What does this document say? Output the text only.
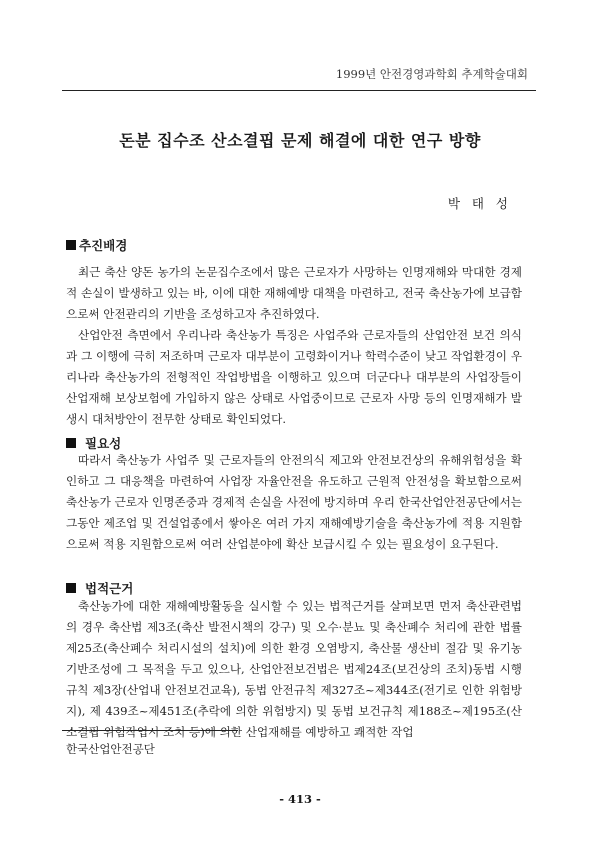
1999년 안전경영과학회 추계학술대회
돈분 집수조 산소결핍 문제 해결에 대한 연구 방향
박 태 성
추진배경

최근 축산 양돈 농가의 논문집수조에서 많은 근로자가 사망하는 인명재해와 막대한 경제적 손실이 발생하고 있는 바, 이에 대한 재해예방 대책을 마련하고, 전국 축산농가에 보급함으로써 안전관리의 기반을 조성하고자 추진하였다.

산업안전 측면에서 우리나라 축산농가 특징은 사업주와 근로자들의 산업안전 보건 의식과 그 이행에 극히 저조하며 근로자 대부분이 고령화이거나 학력수준이 낮고 작업환경이 우리나라 축산농가의 전형적인 작업방법을 이행하고 있으며 더군다나 대부분의 사업장들이 산업재해 보상보험에 가입하지 않은 상태로 사업중이므로 근로자 사망 등의 인명재해가 발생시 대처방안이 전무한 상태로 확인되었다.

필요성

따라서 축산농가 사업주 및 근로자들의 안전의식 제고와 안전보건상의 유해위험성을 확인하고 그 대응책을 마련하여 사업장 자율안전을 유도하고 근원적 안전성을 확보함으로써 축산농가 근로자 인명존중과 경제적 손실을 사전에 방지하며 우리 한국산업안전공단에서는 그동안 제조업 및 건설업종에서 쌓아온 여러 가지 재해예방기술을 축산농가에 적용 지원함으로써 적용 지원함으로써 여러 산업분야에 확산 보급시킬 수 있는 필요성이 요구된다.

법적근거

축산농가에 대한 재해예방활동을 실시할 수 있는 법적근거를 살펴보면 먼저 축산관련법의 경우 축산법 제3조(축산 발전시책의 강구) 및 오수·분뇨 및 축산폐수 처리에 관한 법률 제25조(축산폐수 처리시설의 설치)에 의한 환경 오염방지, 축산물 생산비 절감 및 유기농 기반조성에 그 목적을 두고 있으나, 산업안전보건법은 법제24조(보건상의 조치)동법 시행규칙 제3장(산업내 안전보건교육), 동법 안전규칙 제327조~제344조(전기로 인한 위험방지), 제 439조~제451조(추락에 의한 위험방지) 및 동법 보건규칙 제188조~제195조(산소결핍 위험작업시 조치 등)에 의한 산업재해를 예방하고 쾌적한 작업

한국산업안전공단
- 413 -
